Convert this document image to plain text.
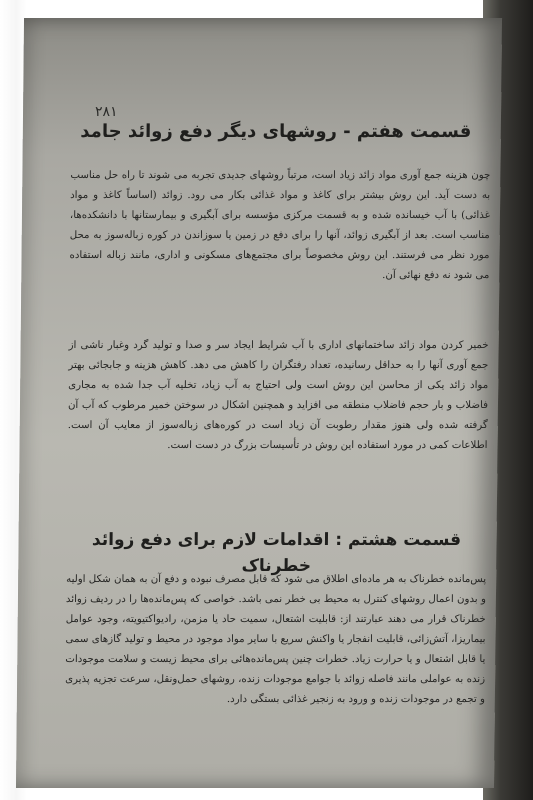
۲۸۱
قسمت هفتم - روشهای دیگر دفع زوائد جامد

چون هزینه جمع آوری مواد زائد زیاد است، مرتباً روشهای جدیدی تجربه می شوند تا راه حل مناسب به دست آید. این روش بیشتر برای کاغذ و مواد غذائی بکار می رود. زوائد (اساساً کاغذ و مواد غذائی) با آب خیسانده شده و به قسمت مرکزی مؤسسه برای آبگیری و بیمارستانها با دانشکده‌ها، مناسب است. بعد از آبگیری زوائد، آنها را برای دفع در زمین یا سوزاندن در کوره زباله‌سوز به محل مورد نظر می فرستند. این روش مخصوصاً برای مجتمع‌های مسکونی و اداری، مانند زباله استفاده می شود نه دفع نهائی آن.

خمیر کردن مواد زائد ساختمانهای اداری با آب شرایط ایجاد سر و صدا و تولید گرد وغبار ناشی از جمع آوری آنها را به حداقل رسانیده، تعداد رفتگران را کاهش می دهد. کاهش هزینه و جابجائی بهتر مواد زائد یکی از محاسن این روش است ولی احتیاج به آب زیاد، تخلیه آب جدا شده به مجاری فاضلاب و بار حجم فاضلاب منطقه می افزاید و همچنین اشکال در سوختن خمیر مرطوب که آب آن گرفته شده ولی هنوز مقدار رطوبت آن زیاد است در کوره‌های زباله‌سوز از معایب آن است. اطلاعات کمی در مورد استفاده این روش در تأسیسات بزرگ در دست است.

قسمت هشتم : اقدامات لازم برای دفع زوائد خطرناک

پس‌مانده خطرناک به هر ماده‌ای اطلاق می شود که قابل مصرف نبوده و دفع آن به همان شکل اولیه و بدون اعمال روشهای کنترل به محیط بی خطر نمی باشد. خواصی که پس‌مانده‌ها را در ردیف زوائد خطرناک قرار می دهند عبارتند از: قابلیت اشتعال، سمیت حاد یا مزمن، رادیواکتیویته، وجود عوامل بیماریزا، آتش‌زائی، قابلیت انفجار یا واکنش سریع با سایر مواد موجود در محیط و تولید گازهای سمی یا قابل اشتعال و یا حرارت زیاد. خطرات چنین پس‌مانده‌هائی برای محیط زیست و سلامت موجودات زنده به عواملی مانند فاصله زوائد با جوامع موجودات زنده، روشهای حمل‌ونقل، سرعت تجزیه پذیری و تجمع در موجودات زنده و ورود به زنجیر غذائی بستگی دارد.
